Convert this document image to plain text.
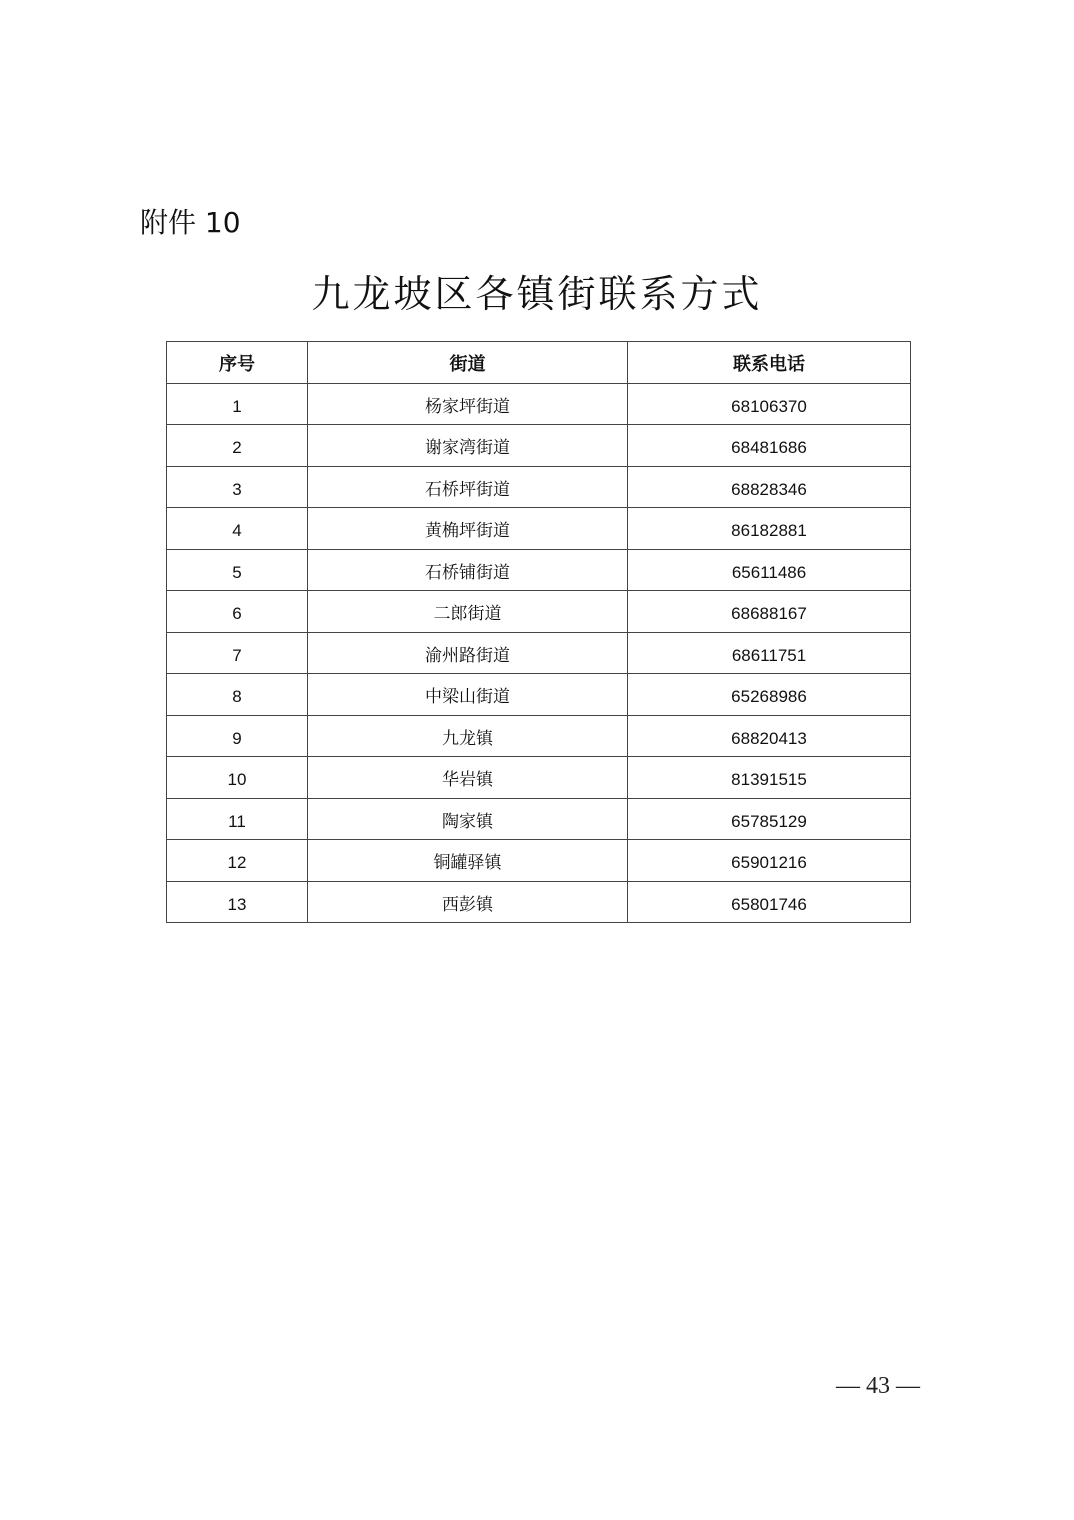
附件 10
九龙坡区各镇街联系方式
序号	街道	联系电话
1	杨家坪街道	68106370
2	谢家湾街道	68481686
3	石桥坪街道	68828346
4	黄桷坪街道	86182881
5	石桥铺街道	65611486
6	二郎街道	68688167
7	渝州路街道	68611751
8	中梁山街道	65268986
9	九龙镇	68820413
10	华岩镇	81391515
11	陶家镇	65785129
12	铜罐驿镇	65901216
13	西彭镇	65801746
— 43 —
